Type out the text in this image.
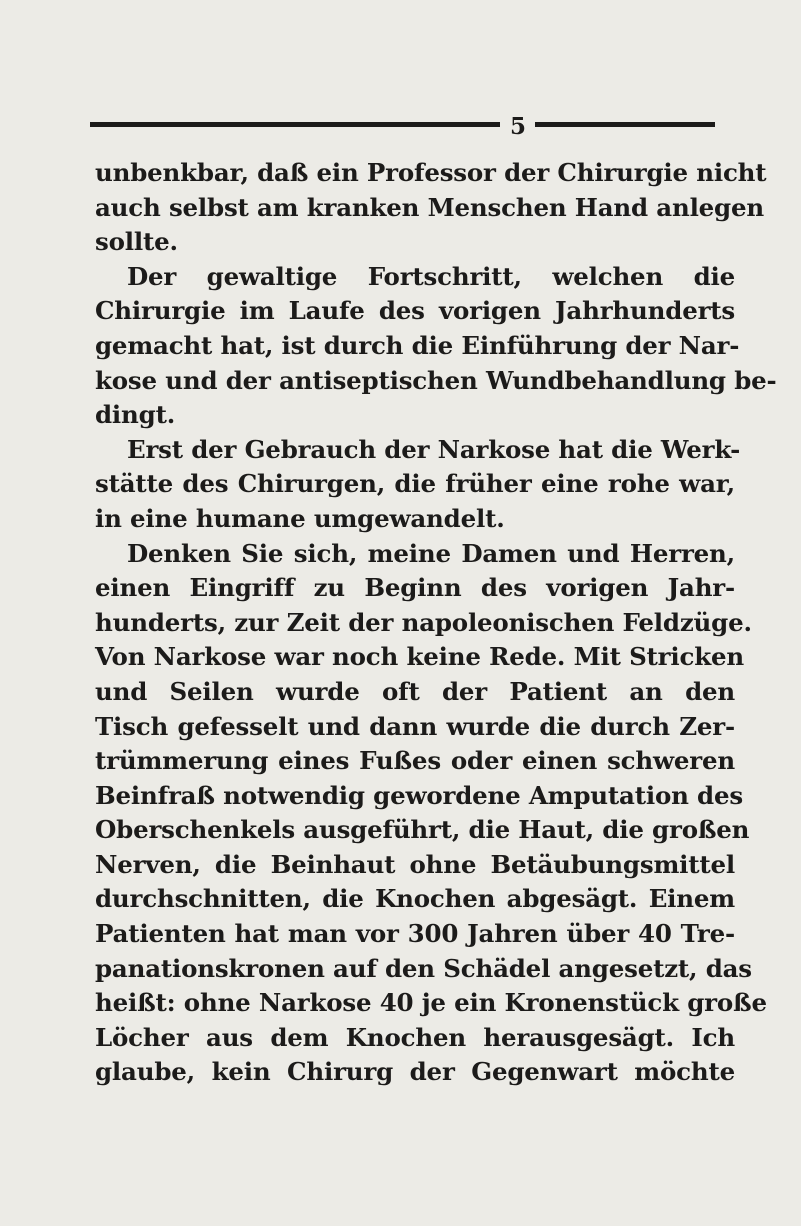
5
unbenkbar, daß ein Professor der Chirurgie nicht
auch selbst am kranken Menschen Hand anlegen
sollte.
Der gewaltige Fortschritt, welchen die
Chirurgie im Laufe des vorigen Jahrhunderts
gemacht hat, ist durch die Einführung der Nar-
kose und der antiseptischen Wundbehandlung be-
dingt.
Erst der Gebrauch der Narkose hat die Werk-
stätte des Chirurgen, die früher eine rohe war,
in eine humane umgewandelt.
Denken Sie sich, meine Damen und Herren,
einen Eingriff zu Beginn des vorigen Jahr-
hunderts, zur Zeit der napoleonischen Feldzüge.
Von Narkose war noch keine Rede. Mit Stricken
und Seilen wurde oft der Patient an den
Tisch gefesselt und dann wurde die durch Zer-
trümmerung eines Fußes oder einen schweren
Beinfraß notwendig gewordene Amputation des
Oberschenkels ausgeführt, die Haut, die großen
Nerven, die Beinhaut ohne Betäubungsmittel
durchschnitten, die Knochen abgesägt. Einem
Patienten hat man vor 300 Jahren über 40 Tre-
panationskronen auf den Schädel angesetzt, das
heißt: ohne Narkose 40 je ein Kronenstück große
Löcher aus dem Knochen herausgesägt. Ich
glaube, kein Chirurg der Gegenwart möchte
